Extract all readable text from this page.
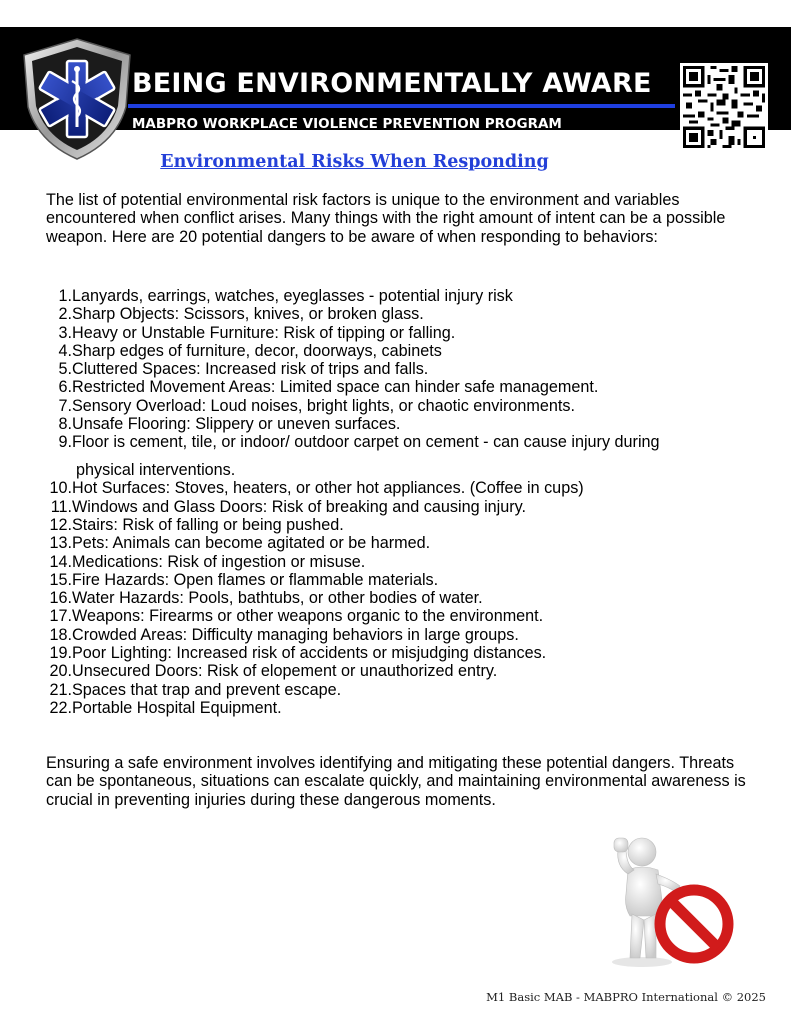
BEING ENVIRONMENTALLY AWARE
MABPRO WORKPLACE VIOLENCE PREVENTION PROGRAM
Environmental Risks When Responding

The list of potential environmental risk factors is unique to the environment and variables encountered when conflict arises. Many things with the right amount of intent can be a possible weapon. Here are 20 potential dangers to be aware of when responding to behaviors:

1. Lanyards, earrings, watches, eyeglasses - potential injury risk
2. Sharp Objects: Scissors, knives, or broken glass.
3. Heavy or Unstable Furniture: Risk of tipping or falling.
4. Sharp edges of furniture, decor, doorways, cabinets
5. Cluttered Spaces: Increased risk of trips and falls.
6. Restricted Movement Areas: Limited space can hinder safe management.
7. Sensory Overload: Loud noises, bright lights, or chaotic environments.
8. Unsafe Flooring: Slippery or uneven surfaces.
9. Floor is cement, tile, or indoor/ outdoor carpet on cement - can cause injury during
physical interventions.
10. Hot Surfaces: Stoves, heaters, or other hot appliances. (Coffee in cups)
11. Windows and Glass Doors: Risk of breaking and causing injury.
12. Stairs: Risk of falling or being pushed.
13. Pets: Animals can become agitated or be harmed.
14. Medications: Risk of ingestion or misuse.
15. Fire Hazards: Open flames or flammable materials.
16. Water Hazards: Pools, bathtubs, or other bodies of water.
17. Weapons: Firearms or other weapons organic to the environment.
18. Crowded Areas: Difficulty managing behaviors in large groups.
19. Poor Lighting: Increased risk of accidents or misjudging distances.
20. Unsecured Doors: Risk of elopement or unauthorized entry.
21. Spaces that trap and prevent escape.
22. Portable Hospital Equipment.

Ensuring a safe environment involves identifying and mitigating these potential dangers. Threats can be spontaneous, situations can escalate quickly, and maintaining environmental awareness is crucial in preventing injuries during these dangerous moments.

M1 Basic MAB - MABPRO International © 2025
